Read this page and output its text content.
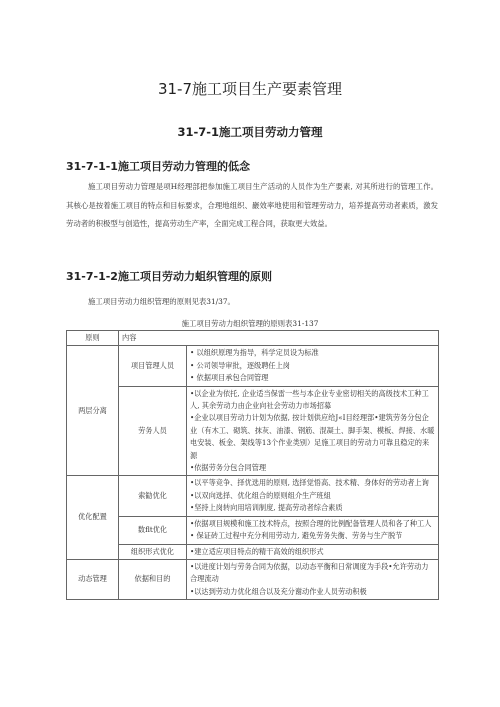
31-7施工项目生产要素管理
31-7-1施工项目劳动力管理
31-7-1-1施工项目劳动力管理的低念
施工项目劳动力管理是项H经理部把参加施工项目生产活动的人员作为生产要素, 对其所进行的管理工作。其核心是按着施工项目的特点和目标要求，合理地组织、巖效率地使用和管理劳动力，培养提高劳动者素质，激发劳动者的积极型与创造性，提高劳动生产率，全面完成工程合同，获取更大效益。
31-7-1-2施工项目劳动力蛆织管理的原则
施工项目劳动力组织管理的原则见表31/37。
施工项目劳动力组织管理的原则表31-137
原则	内容	
两层分离	项目管理人员	• 以组织原理为指导，科学定员设为标准
• 公司领导审批，逐级聘任上岗
• 依据项目承包合同管理

	劳务人员	•以企业为依托, 企业适当保雷一些与本企业专业密切相关的高级技术工种工人, 其余劳动力由企业向社会劳动力市场招募
•企业以项目劳动力计划为依据, 按计划供应给J«I目经理部•建筑劳务分包企业（有木工、砌筑、抹灰、油漆、钢筋、混凝土、脚手架、模板、焊接、水暖电安装、板金、架线等13个作业类别）足施工项目的劳动力可靠且稳定的来源
•依据劳务分包合同管理

优化配置	索勧优化	•以平等竞争、择优选用的原则, 选择觉悟高、技术精、身体好的劳动者上询
•以双向选择、优化组合的原则组介生产班組
•坚持上岗转向用培训制度, 提高劳动者综合素质

	数flt优化	•依据项目规模和施工技术特点，按照合理的比例配备管理人员和各了种工人
• 保证砖工过程中充分利用劳动力, 避免劳务失衡、劳务与生产脱节

	组织形式优化	•建立适应项目特点的精干高效的组织形式

动态管理	依据和目的	•以进度计划与劳务合同为依据，以动态平衡和日常调度为手段•允许劳动力合理流动
•以达到劳动力优化组合以及充分谢动作业人员劳动积极
